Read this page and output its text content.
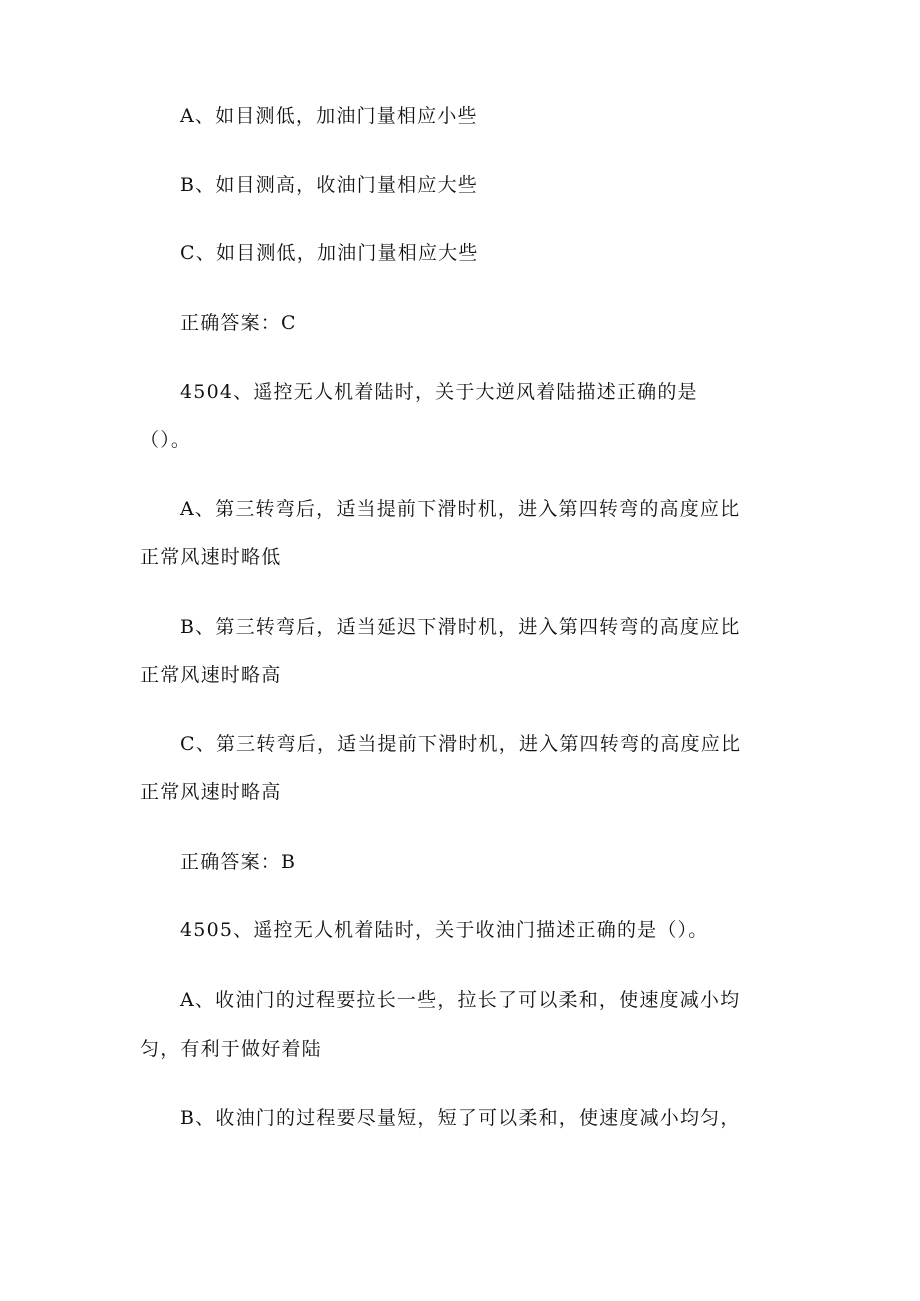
A、如目测低，加油门量相应小些
B、如目测高，收油门量相应大些
C、如目测低，加油门量相应大些
正确答案：C
4504、遥控无人机着陆时，关于大逆风着陆描述正确的是
（）。
A、第三转弯后，适当提前下滑时机，进入第四转弯的高度应比
正常风速时略低
B、第三转弯后，适当延迟下滑时机，进入第四转弯的高度应比
正常风速时略高
C、第三转弯后，适当提前下滑时机，进入第四转弯的高度应比
正常风速时略高
正确答案：B
4505、遥控无人机着陆时，关于收油门描述正确的是（）。
A、收油门的过程要拉长一些，拉长了可以柔和，使速度减小均
匀，有利于做好着陆
B、收油门的过程要尽量短，短了可以柔和，使速度减小均匀，
